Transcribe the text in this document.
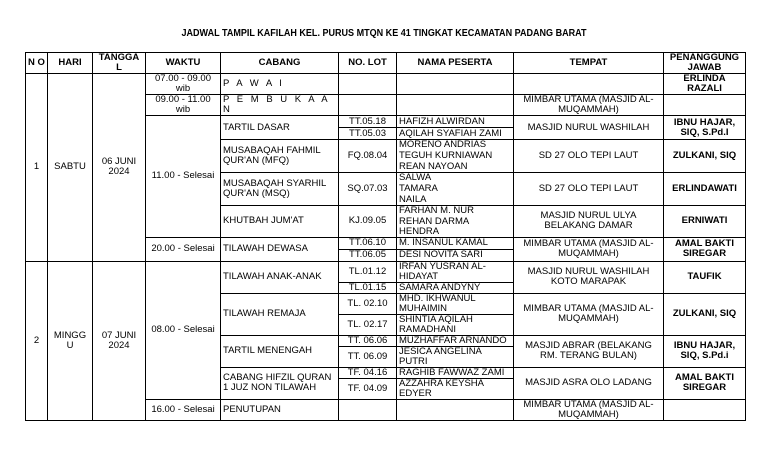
JADWAL TAMPIL KAFILAH KEL. PURUS MTQN KE 41 TINGKAT KECAMATAN PADANG BARAT
N O	HARI	TANGGA L	WAKTU	CABANG	NO. LOT	NAMA PESERTA	TEMPAT	PENANGGUNG JAWAB
1	SABTU	06 JUNI 2024	07.00 - 09.00 wib	P A W A I				ERLINDA RAZALI
			09.00 - 11.00 wib	P E M B U K A A N			MIMBAR UTAMA (MASJID AL-MUQAMMAH)	
			11.00 - Selesai	TARTIL DASAR	TT.05.18	HAFIZH ALWIRDAN	MASJID NURUL WASHILAH	IBNU HAJAR, SIQ, S.Pd.I
					TT.05.03	AQILAH SYAFIAH ZAMI		
				MUSABAQAH FAHMIL QUR'AN (MFQ)	FQ.08.04	MORENO ANDRIAS	SD 27 OLO TEPI LAUT	ZULKANI, SIQ
						TEGUH KURNIAWAN		
						REAN NAYOAN		
				MUSABAQAH SYARHIL QUR'AN (MSQ)	SQ.07.03	SALWA	SD 27 OLO TEPI LAUT	ERLINDAWATI
						TAMARA		
						NAILA		
				KHUTBAH JUM'AT	KJ.09.05	FARHAN M. NUR	MASJID NURUL ULYA BELAKANG DAMAR	ERNIWATI
						REHAN DARMA HENDRA		
			20.00 - Selesai	TILAWAH DEWASA	TT.06.10	M. INSANUL KAMAL	MIMBAR UTAMA (MASJID AL-MUQAMMAH)	AMAL BAKTI SIREGAR
					TT.06.05	DESI NOVITA SARI		
2	MINGG U	07 JUNI 2024	08.00 - Selesai	TILAWAH ANAK-ANAK	TL.01.12	IRFAN YUSRAN AL-HIDAYAT	MASJID NURUL WASHILAH KOTO MARAPAK	TAUFIK
					TL.01.15	SAMARA ANDYNY		
				TILAWAH REMAJA	TL. 02.10	MHD. IKHWANUL MUHAIMIN	MIMBAR UTAMA (MASJID AL-MUQAMMAH)	ZULKANI, SIQ
					TL. 02.17	SHINTIA AQILAH RAMADHANI		
				TARTIL MENENGAH	TT. 06.06	MUZHAFFAR ARNANDO	MASJID ABRAR (BELAKANG RM. TERANG BULAN)	IBNU HAJAR, SIQ, S.Pd.i
					TT. 06.09	JESICA ANGELINA PUTRI		
				CABANG HIFZIL QURAN 1 JUZ NON TILAWAH	TF. 04.16	RAGHIB FAWWAZ ZAMI	MASJID ASRA OLO LADANG	AMAL BAKTI SIREGAR
					TF. 04.09	AZZAHRA KEYSHA EDYER		
			16.00 - Selesai	PENUTUPAN			MIMBAR UTAMA (MASJID AL-MUQAMMAH)	
